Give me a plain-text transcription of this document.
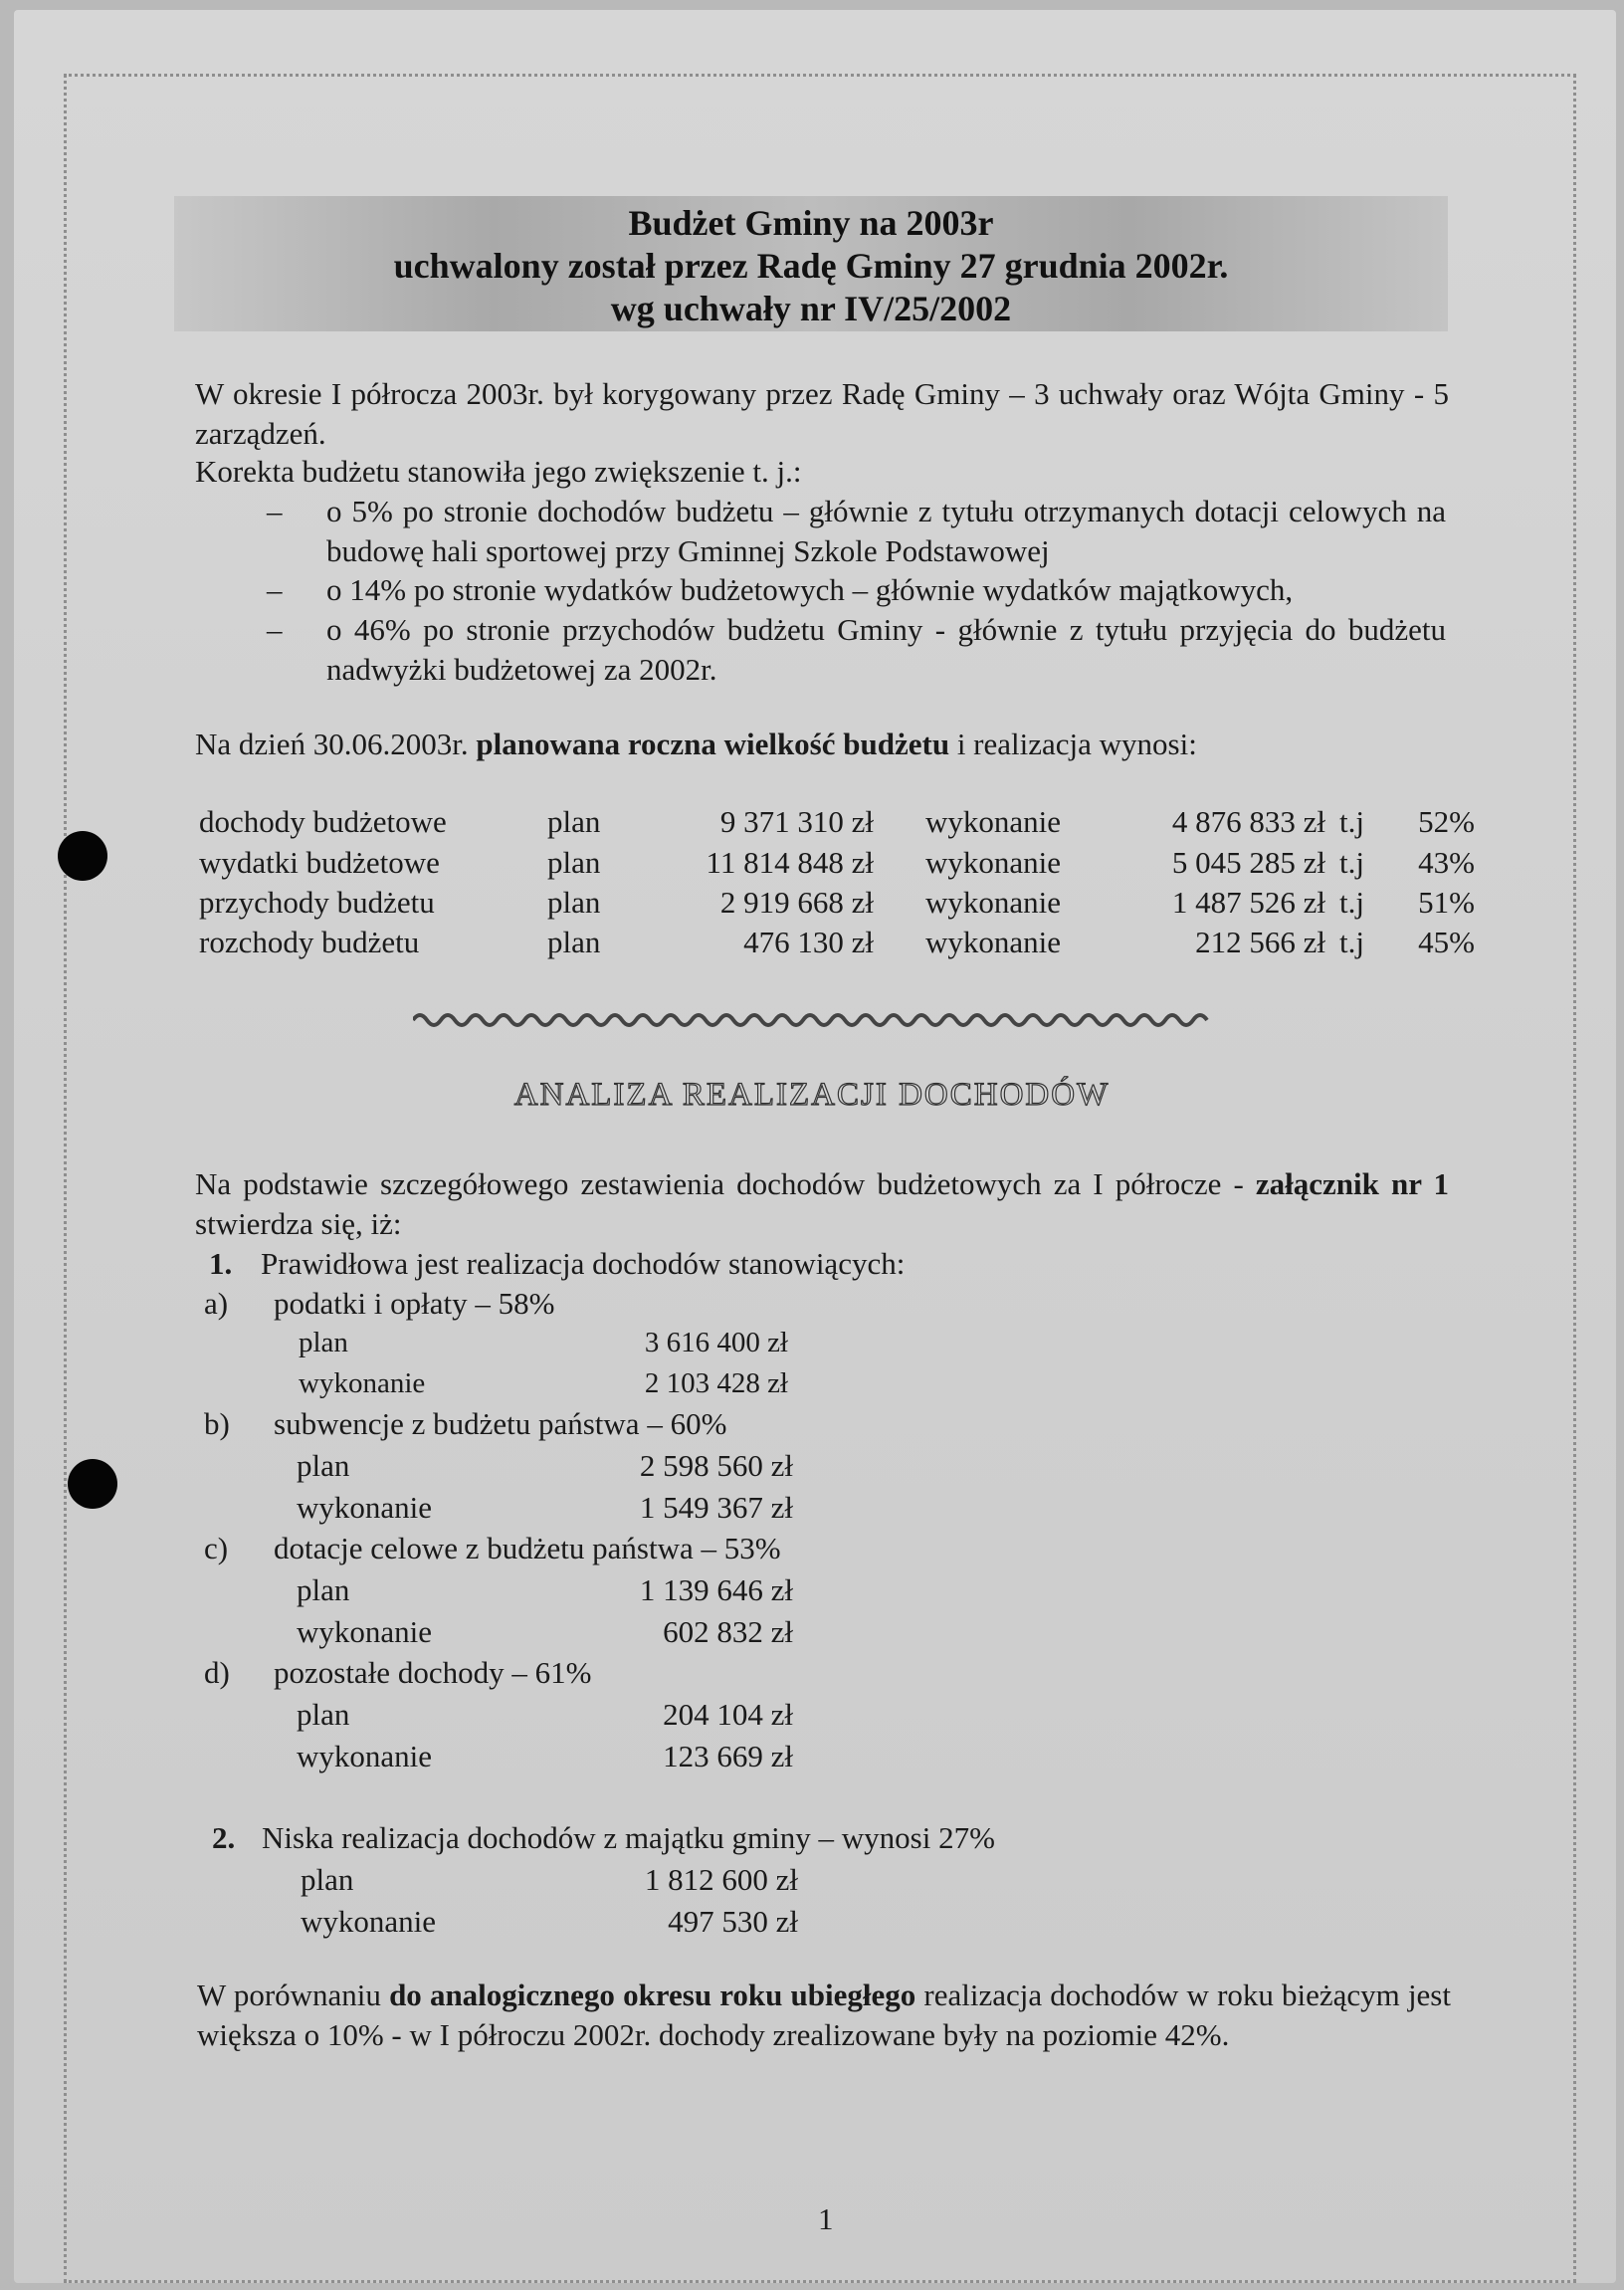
Budżet Gminy na 2003r
uchwalony został przez Radę Gminy 27 grudnia 2002r.
wg uchwały nr IV/25/2002
W okresie I półrocza 2003r. był korygowany przez Radę Gminy – 3 uchwały oraz Wójta Gminy - 5 zarządzeń.
Korekta budżetu stanowiła jego zwiększenie t. j.:
– o 5% po stronie dochodów budżetu – głównie z tytułu otrzymanych dotacji celowych na budowę hali sportowej przy Gminnej Szkole Podstawowej
– o 14% po stronie wydatków budżetowych – głównie wydatków majątkowych,
– o 46% po stronie przychodów budżetu Gminy - głównie z tytułu przyjęcia do budżetu nadwyżki budżetowej za 2002r.
Na dzień 30.06.2003r. planowana roczna wielkość budżetu i realizacja wynosi:
dochody budżetowe	plan	9 371 310 zł wykonanie	4 876 833 zł t.j	52%
wydatki budżetowe	plan	11 814 848 zł wykonanie	5 045 285 zł t.j	43%
przychody budżetu	plan	2 919 668 zł wykonanie	1 487 526 zł t.j	51%
rozchody budżetu	plan	476 130 zł wykonanie	212 566 zł t.j	45%
ANALIZA REALIZACJI DOCHODÓW
Na podstawie szczegółowego zestawienia dochodów budżetowych za I półrocze - załącznik nr 1 stwierdza się, iż:
1. Prawidłowa jest realizacja dochodów stanowiących:
a) podatki i opłaty – 58%
plan	3 616 400 zł
wykonanie	2 103 428 zł
b) subwencje z budżetu państwa – 60%
plan	2 598 560 zł
wykonanie	1 549 367 zł
c) dotacje celowe z budżetu państwa – 53%
plan	1 139 646 zł
wykonanie	602 832 zł
d) pozostałe dochody – 61%
plan	204 104 zł
wykonanie	123 669 zł
2. Niska realizacja dochodów z majątku gminy – wynosi 27%
plan	1 812 600 zł
wykonanie	497 530 zł
W porównaniu do analogicznego okresu roku ubiegłego realizacja dochodów w roku bieżącym jest większa o 10% - w I półroczu 2002r. dochody zrealizowane były na poziomie 42%.
1
